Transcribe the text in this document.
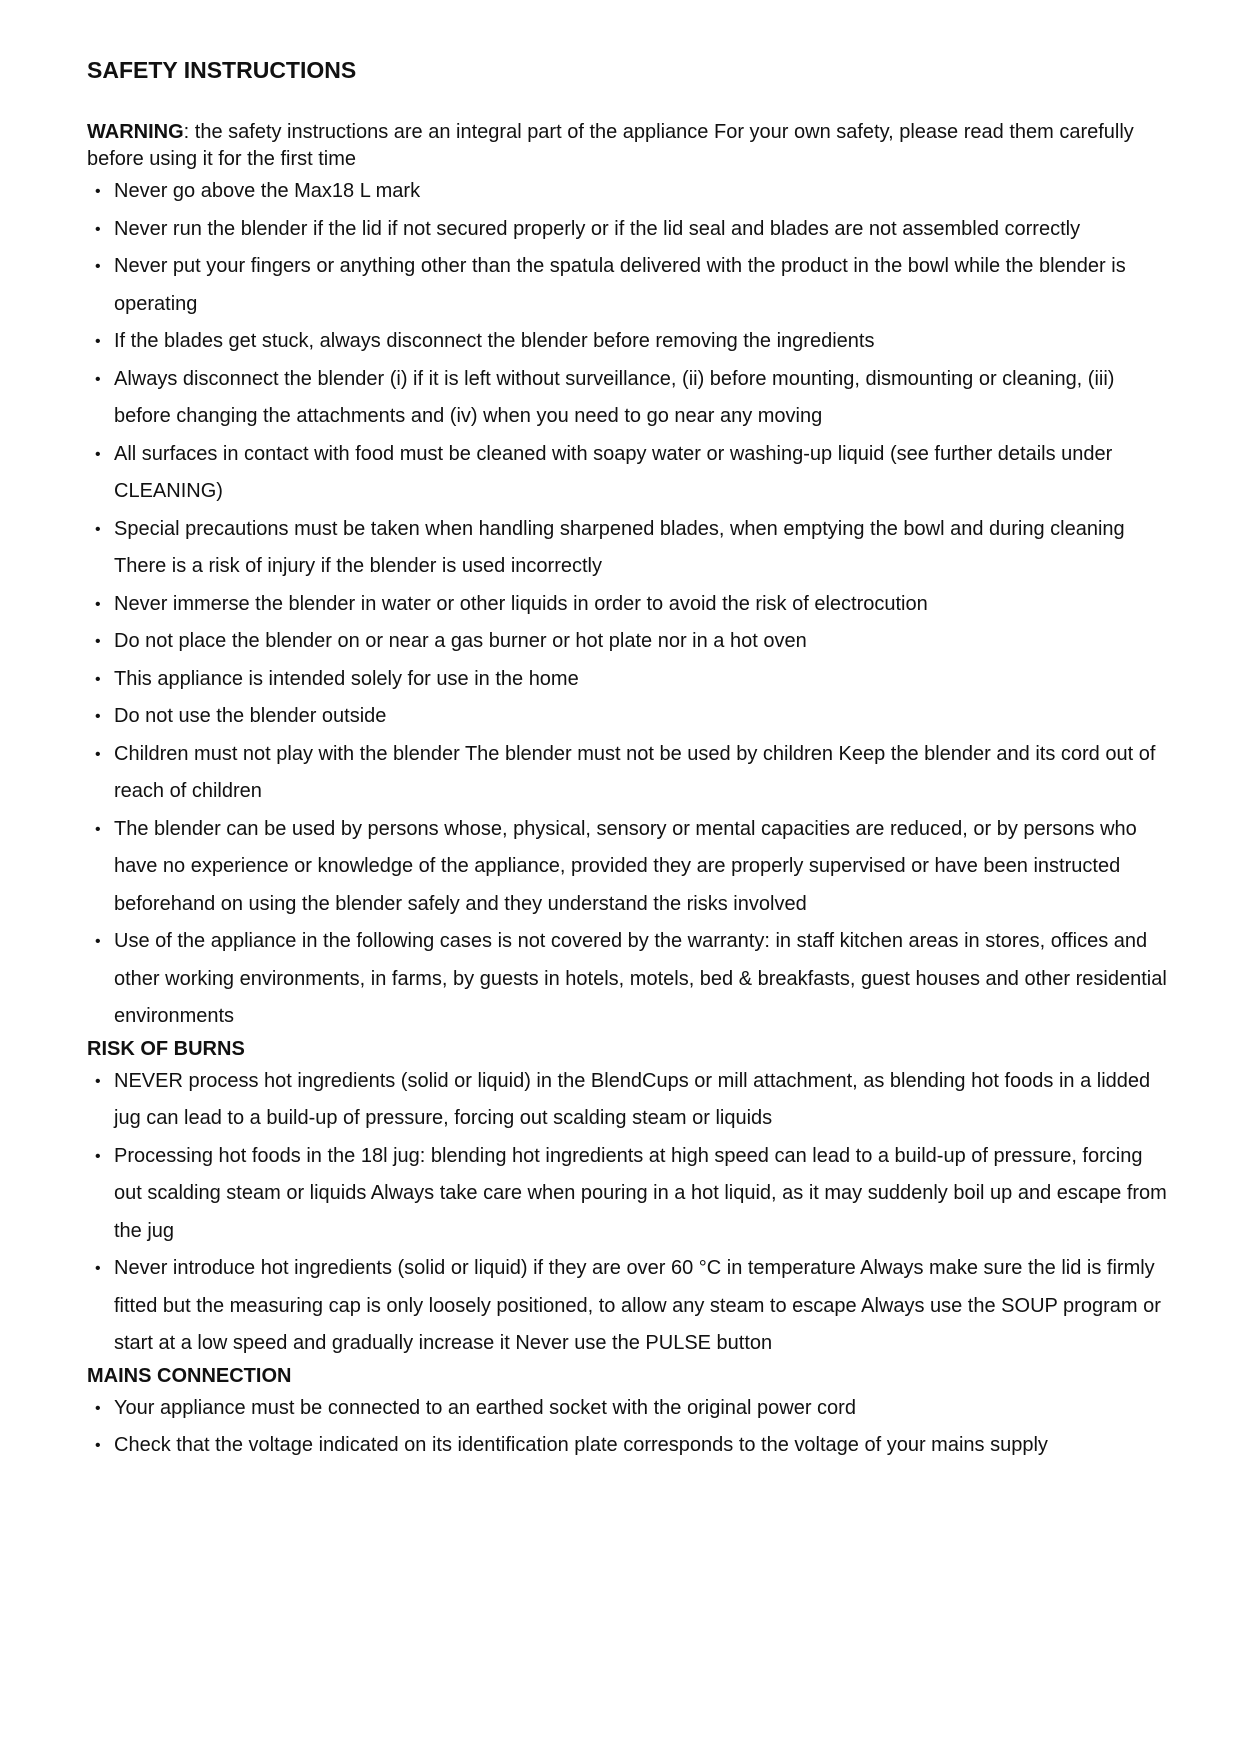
SAFETY INSTRUCTIONS

WARNING: the safety instructions are an integral part of the appliance For your own safety, please read them carefully before using it for the first time

• Never go above the Max18 L mark
• Never run the blender if the lid if not secured properly or if the lid seal and blades are not assembled correctly
• Never put your fingers or anything other than the spatula delivered with the product in the bowl while the blender is operating
• If the blades get stuck, always disconnect the blender before removing the ingredients
• Always disconnect the blender (i) if it is left without surveillance, (ii) before mounting, dismounting or cleaning, (iii) before changing the attachments and (iv) when you need to go near any moving
• All surfaces in contact with food must be cleaned with soapy water or washing-up liquid (see further details under CLEANING)
• Special precautions must be taken when handling sharpened blades, when emptying the bowl and during cleaning There is a risk of injury if the blender is used incorrectly
• Never immerse the blender in water or other liquids in order to avoid the risk of electrocution
• Do not place the blender on or near a gas burner or hot plate nor in a hot oven
• This appliance is intended solely for use in the home
• Do not use the blender outside
• Children must not play with the blender The blender must not be used by children Keep the blender and its cord out of reach of children
• The blender can be used by persons whose, physical, sensory or mental capacities are reduced, or by persons who have no experience or knowledge of the appliance, provided they are properly supervised or have been instructed beforehand on using the blender safely and they understand the risks involved
• Use of the appliance in the following cases is not covered by the warranty: in staff kitchen areas in stores, offices and other working environments, in farms, by guests in hotels, motels, bed & breakfasts, guest houses and other residential environments
RISK OF BURNS
• NEVER process hot ingredients (solid or liquid) in the BlendCups or mill attachment, as blending hot foods in a lidded jug can lead to a build-up of pressure, forcing out scalding steam or liquids
• Processing hot foods in the 18l jug: blending hot ingredients at high speed can lead to a build-up of pressure, forcing out scalding steam or liquids Always take care when pouring in a hot liquid, as it may suddenly boil up and escape from the jug
• Never introduce hot ingredients (solid or liquid) if they are over 60 °C in temperature Always make sure the lid is firmly fitted but the measuring cap is only loosely positioned, to allow any steam to escape Always use the SOUP program or start at a low speed and gradually increase it Never use the PULSE button
MAINS CONNECTION
• Your appliance must be connected to an earthed socket with the original power cord
• Check that the voltage indicated on its identification plate corresponds to the voltage of your mains supply
